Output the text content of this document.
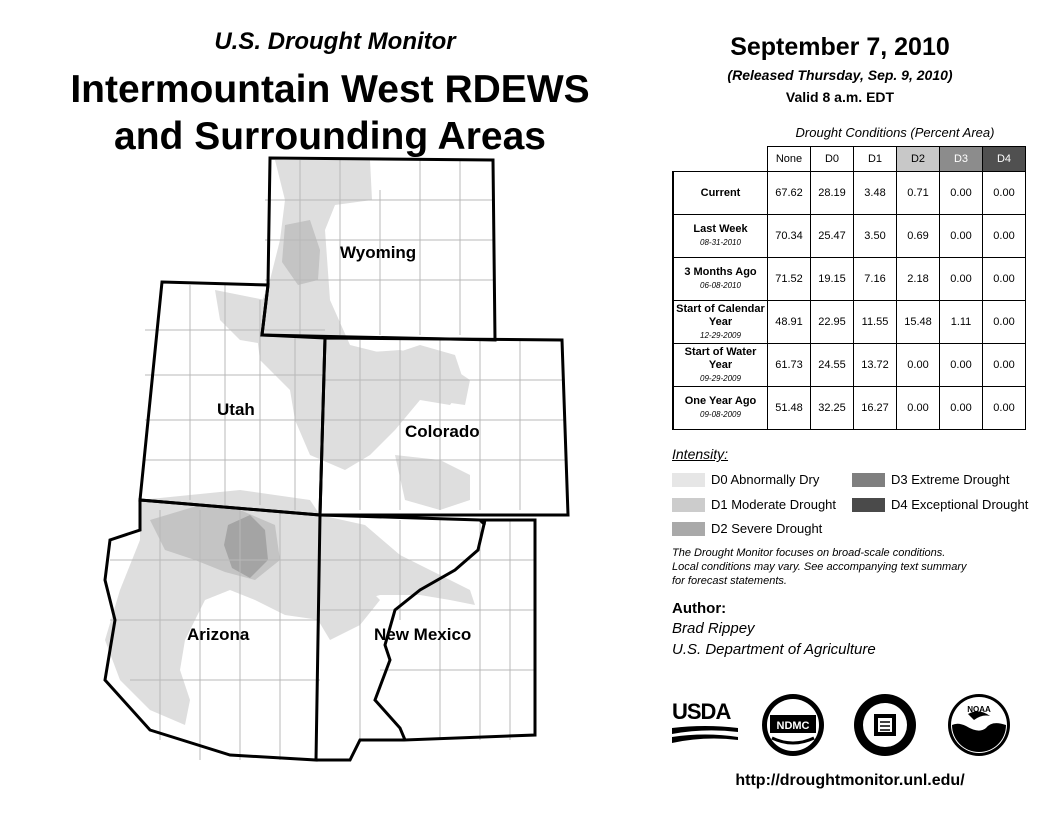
U.S. Drought Monitor
Intermountain West RDEWS
and Surrounding Areas
September 7, 2010
(Released Thursday, Sep. 9, 2010)
Valid 8 a.m. EDT
Wyoming
Utah
Colorado
Arizona	New Mexico
Drought Conditions (Percent Area)
	None	D0	D1	D2	D3	D4
Current	67.62	28.19	3.48	0.71	0.00	0.00
Last Week
08-31-2010	70.34	25.47	3.50	0.69	0.00	0.00
3 Months Ago
06-08-2010	71.52	19.15	7.16	2.18	0.00	0.00
Start of Calendar Year
12-29-2009	48.91	22.95	11.55	15.48	1.11	0.00
Start of Water Year
09-29-2009	61.73	24.55	13.72	0.00	0.00	0.00
One Year Ago
09-08-2009	51.48	32.25	16.27	0.00	0.00	0.00
Intensity:
D0 Abnormally Dry
D1 Moderate Drought
D2 Severe Drought
D3 Extreme Drought
D4 Exceptional Drought
The Drought Monitor focuses on broad-scale conditions.
Local conditions may vary. See accompanying text summary
for forecast statements.
Author:
Brad Rippey
U.S. Department of Agriculture
USDA
NDMC
NOAA
http://droughtmonitor.unl.edu/
